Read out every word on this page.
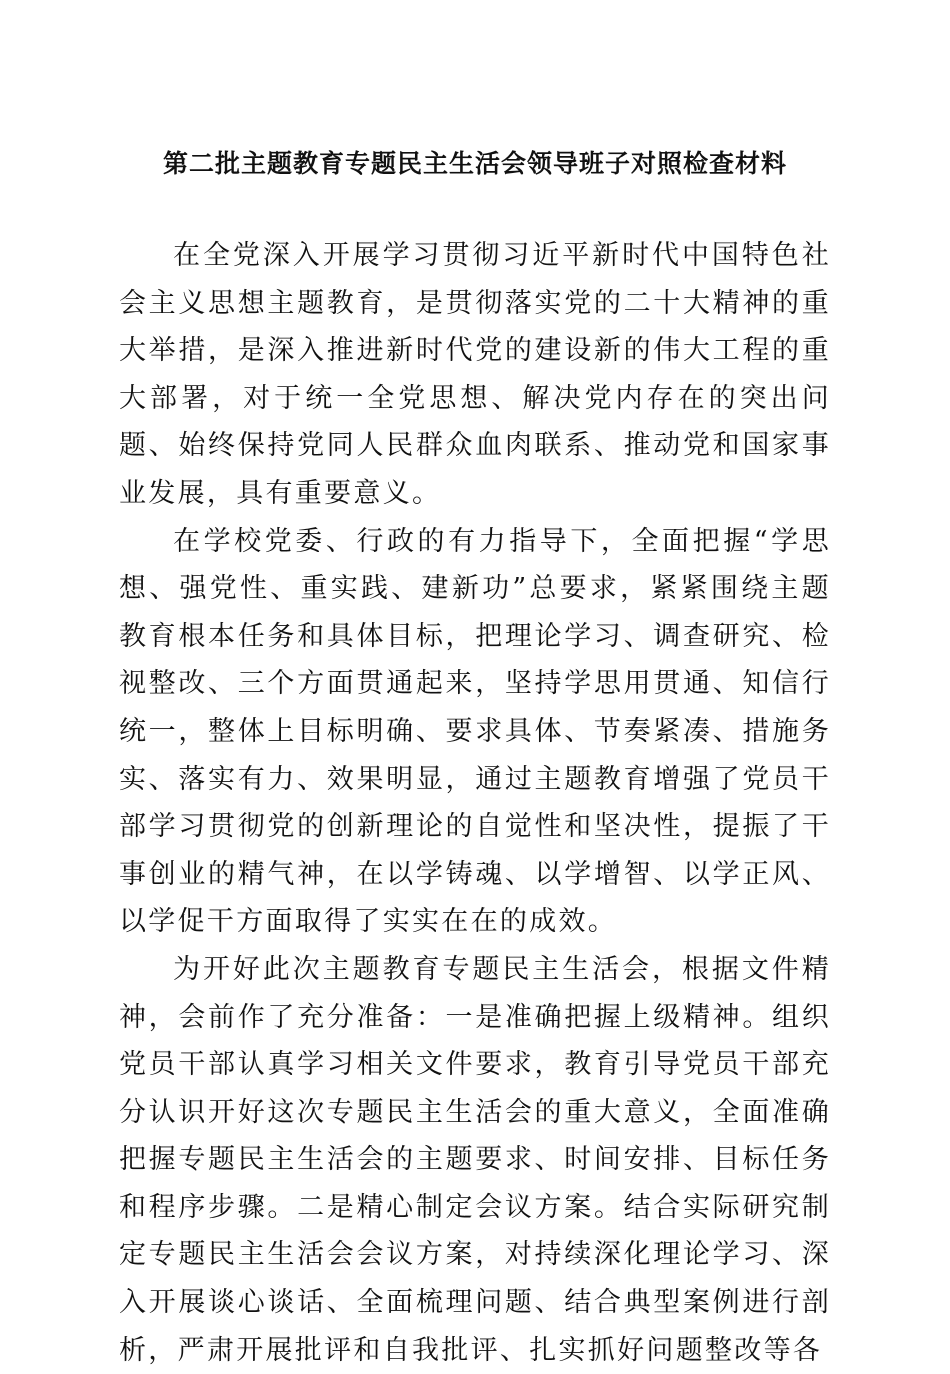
第二批主题教育专题民主生活会领导班子对照检查材料

在全党深入开展学习贯彻习近平新时代中国特色社会主义思想主题教育，是贯彻落实党的二十大精神的重大举措，是深入推进新时代党的建设新的伟大工程的重大部署，对于统一全党思想、解决党内存在的突出问题、始终保持党同人民群众血肉联系、推动党和国家事业发展，具有重要意义。

在学校党委、行政的有力指导下，全面把握“学思想、强党性、重实践、建新功”总要求，紧紧围绕主题教育根本任务和具体目标，把理论学习、调查研究、检视整改、三个方面贯通起来，坚持学思用贯通、知信行统一，整体上目标明确、要求具体、节奏紧凑、措施务实、落实有力、效果明显，通过主题教育增强了党员干部学习贯彻党的创新理论的自觉性和坚决性，提振了干事创业的精气神，在以学铸魂、以学增智、以学正风、以学促干方面取得了实实在在的成效。

为开好此次主题教育专题民主生活会，根据文件精神，会前作了充分准备：一是准确把握上级精神。组织党员干部认真学习相关文件要求，教育引导党员干部充分认识开好这次专题民主生活会的重大意义，全面准确把握专题民主生活会的主题要求、时间安排、目标任务和程序步骤。二是精心制定会议方案。结合实际研究制定专题民主生活会会议方案，对持续深化理论学习、深入开展谈心谈话、全面梳理问题、结合典型案例进行剖析，严肃开展批评和自我批评、扎实抓好问题整改等各
